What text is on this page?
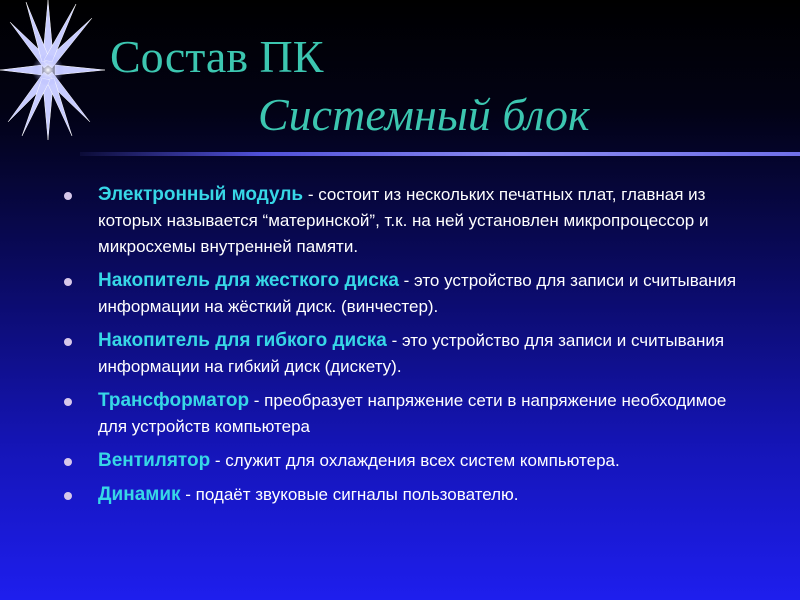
Состав ПК
Системный блок
Электронный модуль - состоит из нескольких печатных плат, главная из которых называется “материнской”, т.к. на ней установлен микропроцессор и микросхемы внутренней памяти.
Накопитель для жесткого диска - это устройство для записи и считывания информации на жёсткий диск. (винчестер).
Накопитель для гибкого диска - это устройство для записи и считывания информации на гибкий диск (дискету).
Трансформатор - преобразует напряжение сети в напряжение необходимое для устройств компьютера
Вентилятор - служит для охлаждения всех систем компьютера.
Динамик - подаёт звуковые сигналы пользователю.
